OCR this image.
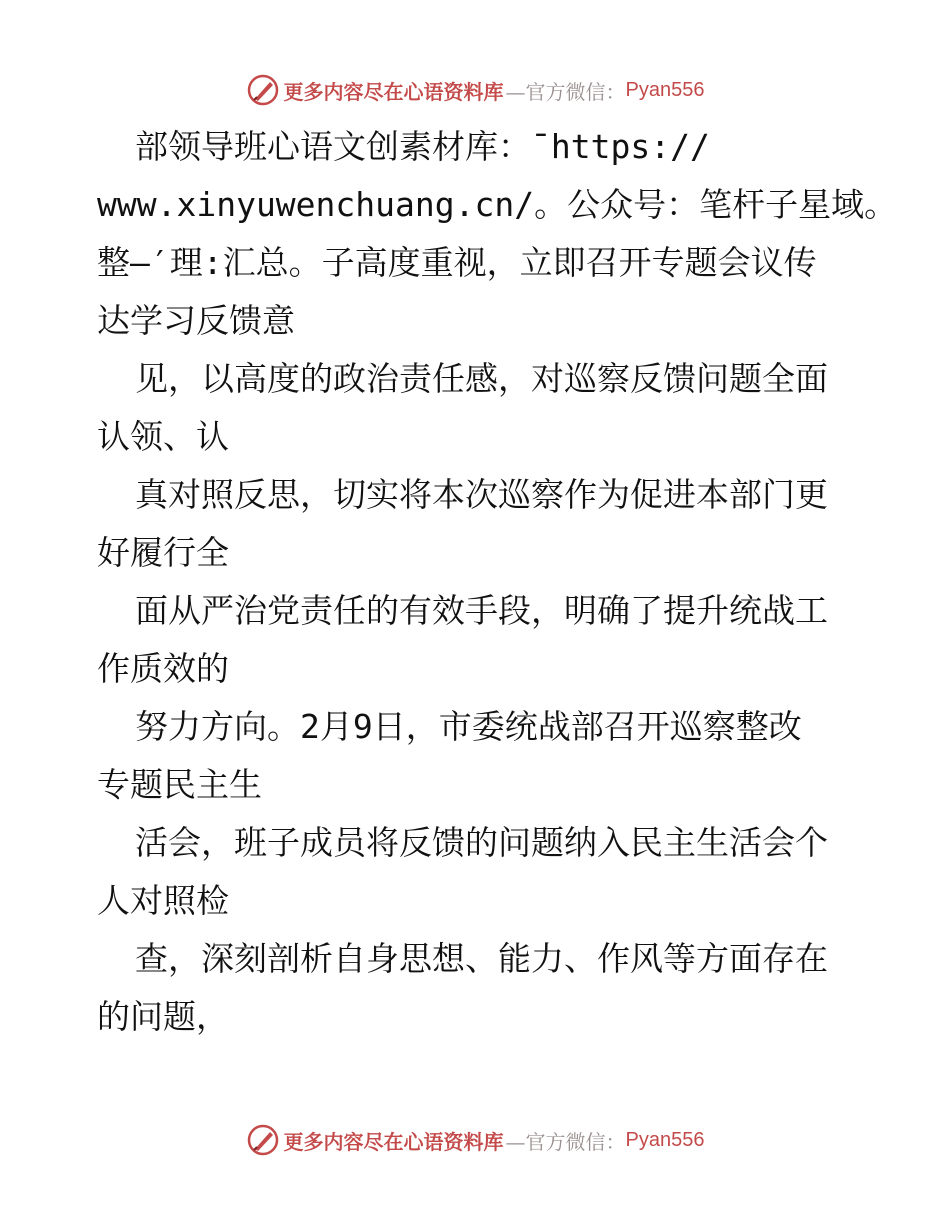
更多内容尽在心语资料库 —官方微信： Pyan556
部领导班心语文创素材库：¯https://
www.xinyuwenchuang.cn/。公众号：笔杆子星域。
整—′理:汇总。子高度重视，立即召开专题会议传
达学习反馈意
见，以高度的政治责任感，对巡察反馈问题全面
认领、认
真对照反思，切实将本次巡察作为促进本部门更
好履行全
面从严治党责任的有效手段，明确了提升统战工
作质效的
努力方向。2月9日，市委统战部召开巡察整改
专题民主生
活会，班子成员将反馈的问题纳入民主生活会个
人对照检
查，深刻剖析自身思想、能力、作风等方面存在
的问题，
更多内容尽在心语资料库 —官方微信： Pyan556
